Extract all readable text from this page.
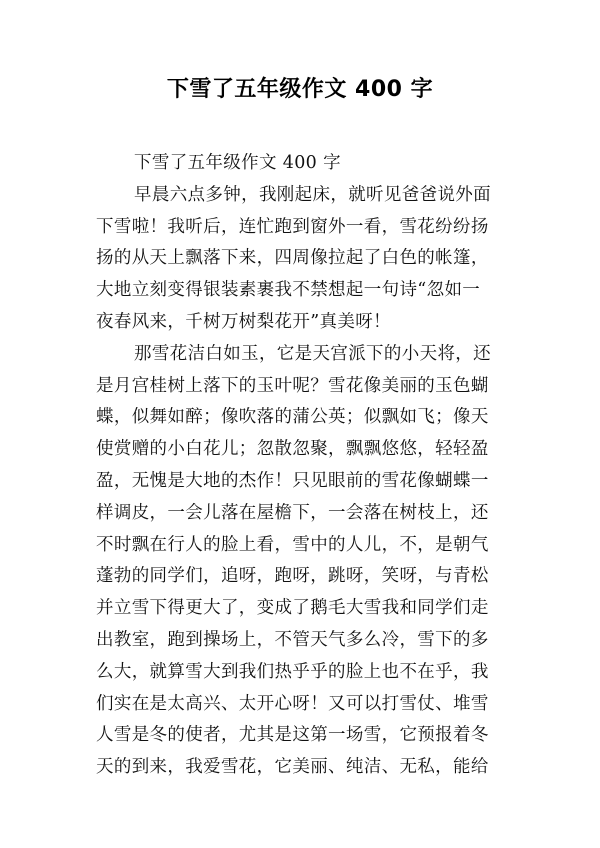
下雪了五年级作文 400 字
下雪了五年级作文 400 字
早晨六点多钟，我刚起床，就听见爸爸说外面
下雪啦！我听后，连忙跑到窗外一看，雪花纷纷扬
扬的从天上飘落下来，四周像拉起了白色的帐篷，
大地立刻变得银装素裹我不禁想起一句诗“忽如一
夜春风来，千树万树梨花开”真美呀！
那雪花洁白如玉，它是天宫派下的小天将，还
是月宫桂树上落下的玉叶呢？雪花像美丽的玉色蝴
蝶，似舞如醉；像吹落的蒲公英；似飘如飞；像天
使赏赠的小白花儿；忽散忽聚，飘飘悠悠，轻轻盈
盈，无愧是大地的杰作！只见眼前的雪花像蝴蝶一
样调皮，一会儿落在屋檐下，一会落在树枝上，还
不时飘在行人的脸上看，雪中的人儿，不，是朝气
蓬勃的同学们，追呀，跑呀，跳呀，笑呀，与青松
并立雪下得更大了，变成了鹅毛大雪我和同学们走
出教室，跑到操场上，不管天气多么冷，雪下的多
么大，就算雪大到我们热乎乎的脸上也不在乎，我
们实在是太高兴、太开心呀！又可以打雪仗、堆雪
人雪是冬的使者，尤其是这第一场雪，它预报着冬
天的到来，我爱雪花，它美丽、纯洁、无私，能给
